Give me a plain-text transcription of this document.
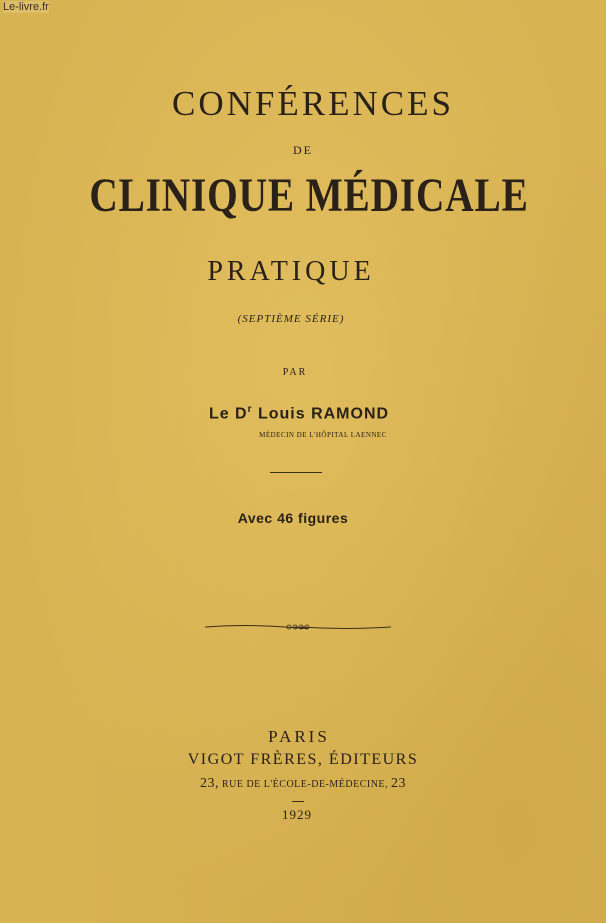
Le-livre.fr
CONFÉRENCES
DE
CLINIQUE MÉDICALE
PRATIQUE
(SEPTIÈME SÉRIE)
PAR
Le $D^r$ Louis RAMOND
MÉDECIN DE L'HÔPITAL LAENNEC
Avec 46 figures
PARIS
VIGOT FRÈRES, ÉDITEURS
23, RUE DE L'ÉCOLE-DE-MÉDECINE, 23
1929
